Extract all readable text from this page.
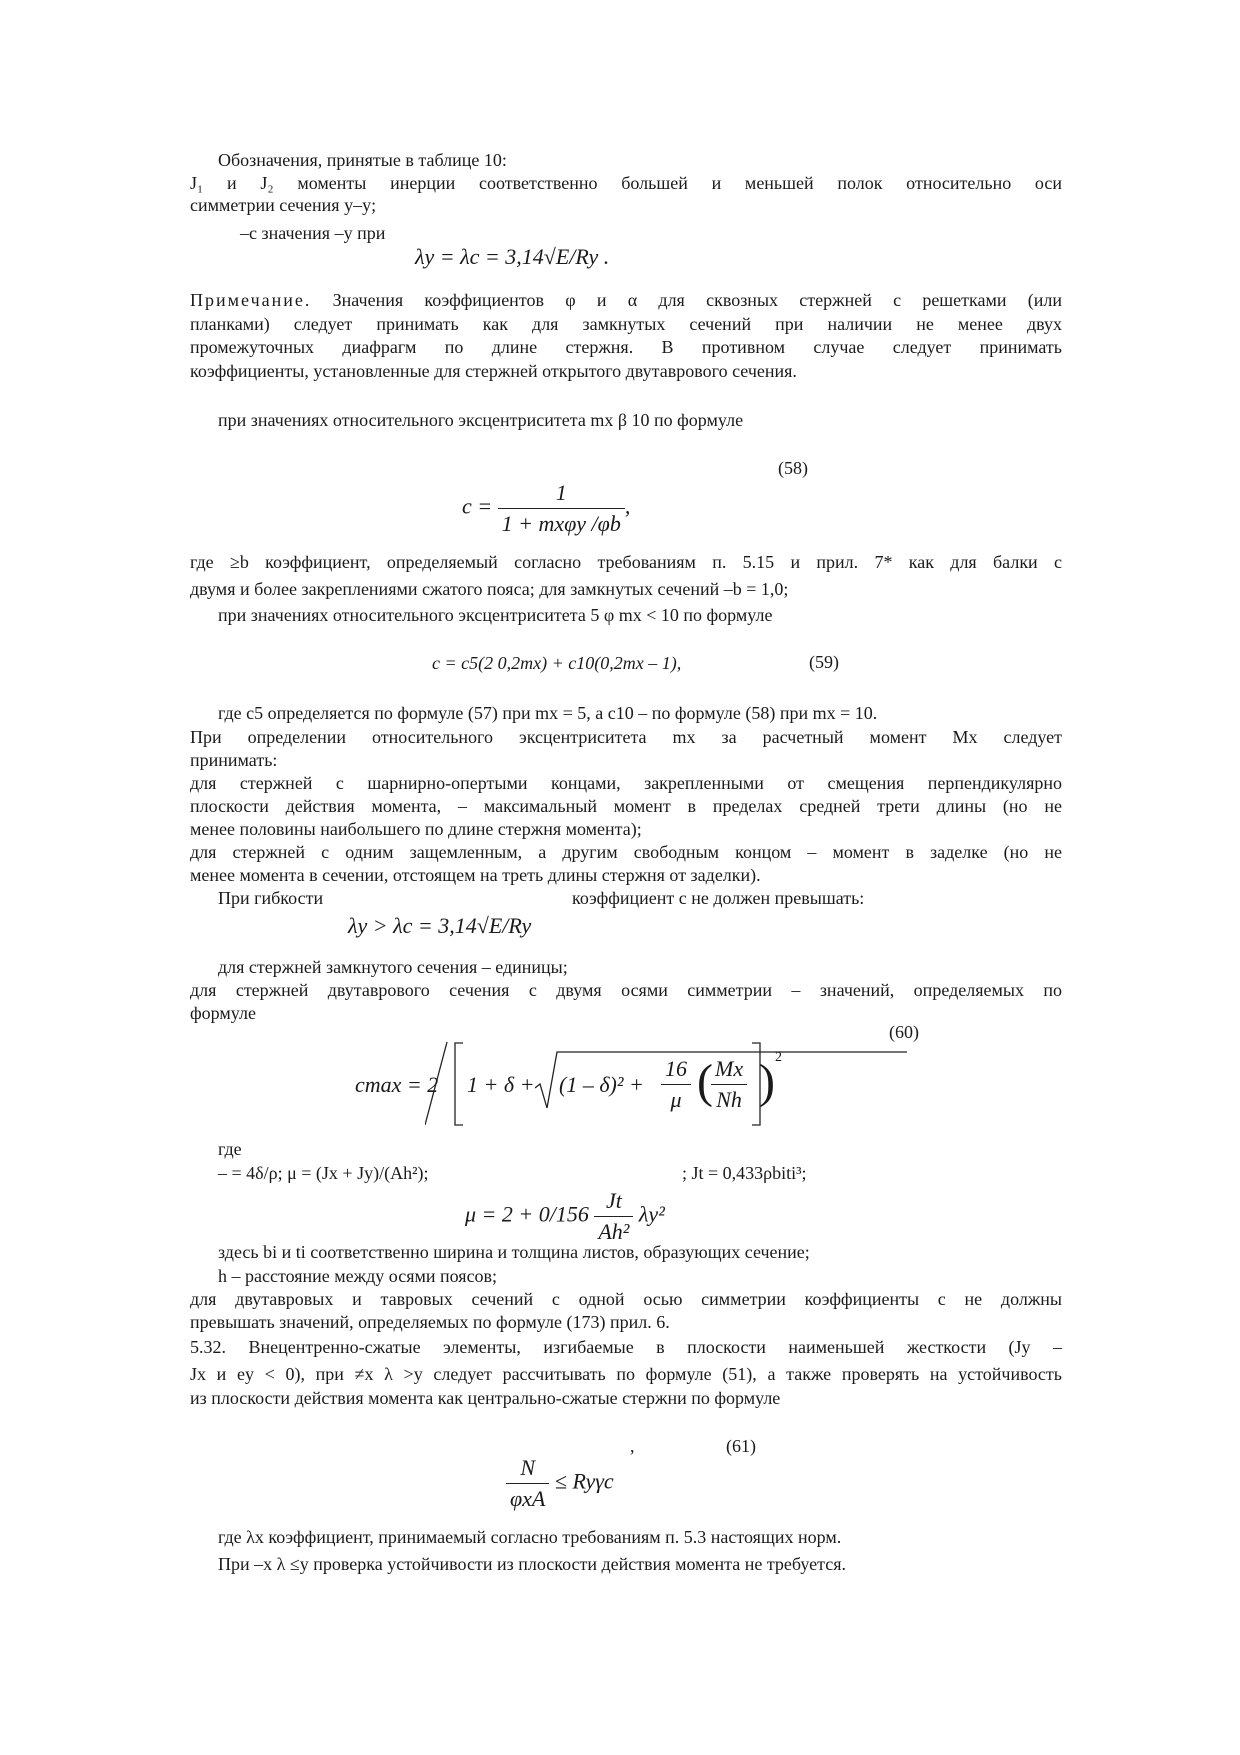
Обозначения, принятые в таблице 10:
J₁ и J₂ моменты инерции соответственно большей и меньшей полок относительно оси
симметрии сечения y–y;
–c значения –y при
λy = λc = 3,14√E/Ry .
Примечание. Значения коэффициентов φ и α для сквозных стержней с решетками (или
планками) следует принимать как для замкнутых сечений при наличии не менее двух
промежуточных диафрагм по длине стержня. В противном случае следует принимать
коэффициенты, установленные для стержней открытого двутаврового сечения.
при значениях относительного эксцентриситета mx β 10 по формуле
(58)
$c = \frac{1}{\text{1 + mxφy /φb}}$ ,
где ≥b коэффициент, определяемый согласно требованиям п. 5.15 и прил. 7* как для балки с
двумя и более закреплениями сжатого пояса; для замкнутых сечений –b = 1,0;
при значениях относительного эксцентриситета 5 φ mx < 10 по формуле
c = c5(2 0,2mx) + c10(0,2mx – 1),	(59)
где c5 определяется по формуле (57) при mx = 5, а c10 – по формуле (58) при mx = 10.
При определении относительного эксцентриситета mx за расчетный момент Mx следует
принимать:
для стержней с шарнирно-опертыми концами, закрепленными от смещения перпендикулярно
плоскости действия момента, – максимальный момент в пределах средней трети длины (но не
менее половины наибольшего по длине стержня момента);
для стержней с одним защемленным, а другим свободным концом – момент в заделке (но не
менее момента в сечении, отстоящем на треть длины стержня от заделки).
При гибкости	коэффициент c не должен превышать:
λy > λc = 3,14√E/Ry
для стержней замкнутого сечения – единицы;
для стержней двутаврового сечения с двумя осями симметрии – значений, определяемых по
формуле
(60)
cmax = 2 $1 + \delta + (1 - \delta)^2 + \frac{16}{\mu}$ (
$\frac{Mx}{Nh}$ ) 2
где
– = 4δ/ρ; μ = (Jx + Jy)/(Ah²);	; Jt = 0,433ρbiti³;
$\mu = 2 + 0/156 \frac{Jt}{\text{Ah²}} \lambda y^2$
здесь bi и ti соответственно ширина и толщина листов, образующих сечение;
h – расстояние между осями поясов;
для двутавровых и тавровых сечений с одной осью симметрии коэффициенты с не должны
превышать значений, определяемых по формуле (173) прил. 6.
5.32. Внецентренно-сжатые элементы, изгибаемые в плоскости наименьшей жесткости (Jy –
Jx и ey < 0), при ≠x λ >y следует рассчитывать по формуле (51), а также проверять на устойчивость
из плоскости действия момента как центрально-сжатые стержни по формуле
,	(61)
$\frac{N}{\text{φxA}} \le Ry\gamma c$
где λx коэффициент, принимаемый согласно требованиям п. 5.3 настоящих норм.
При –x λ ≤y проверка устойчивости из плоскости действия момента не требуется.
